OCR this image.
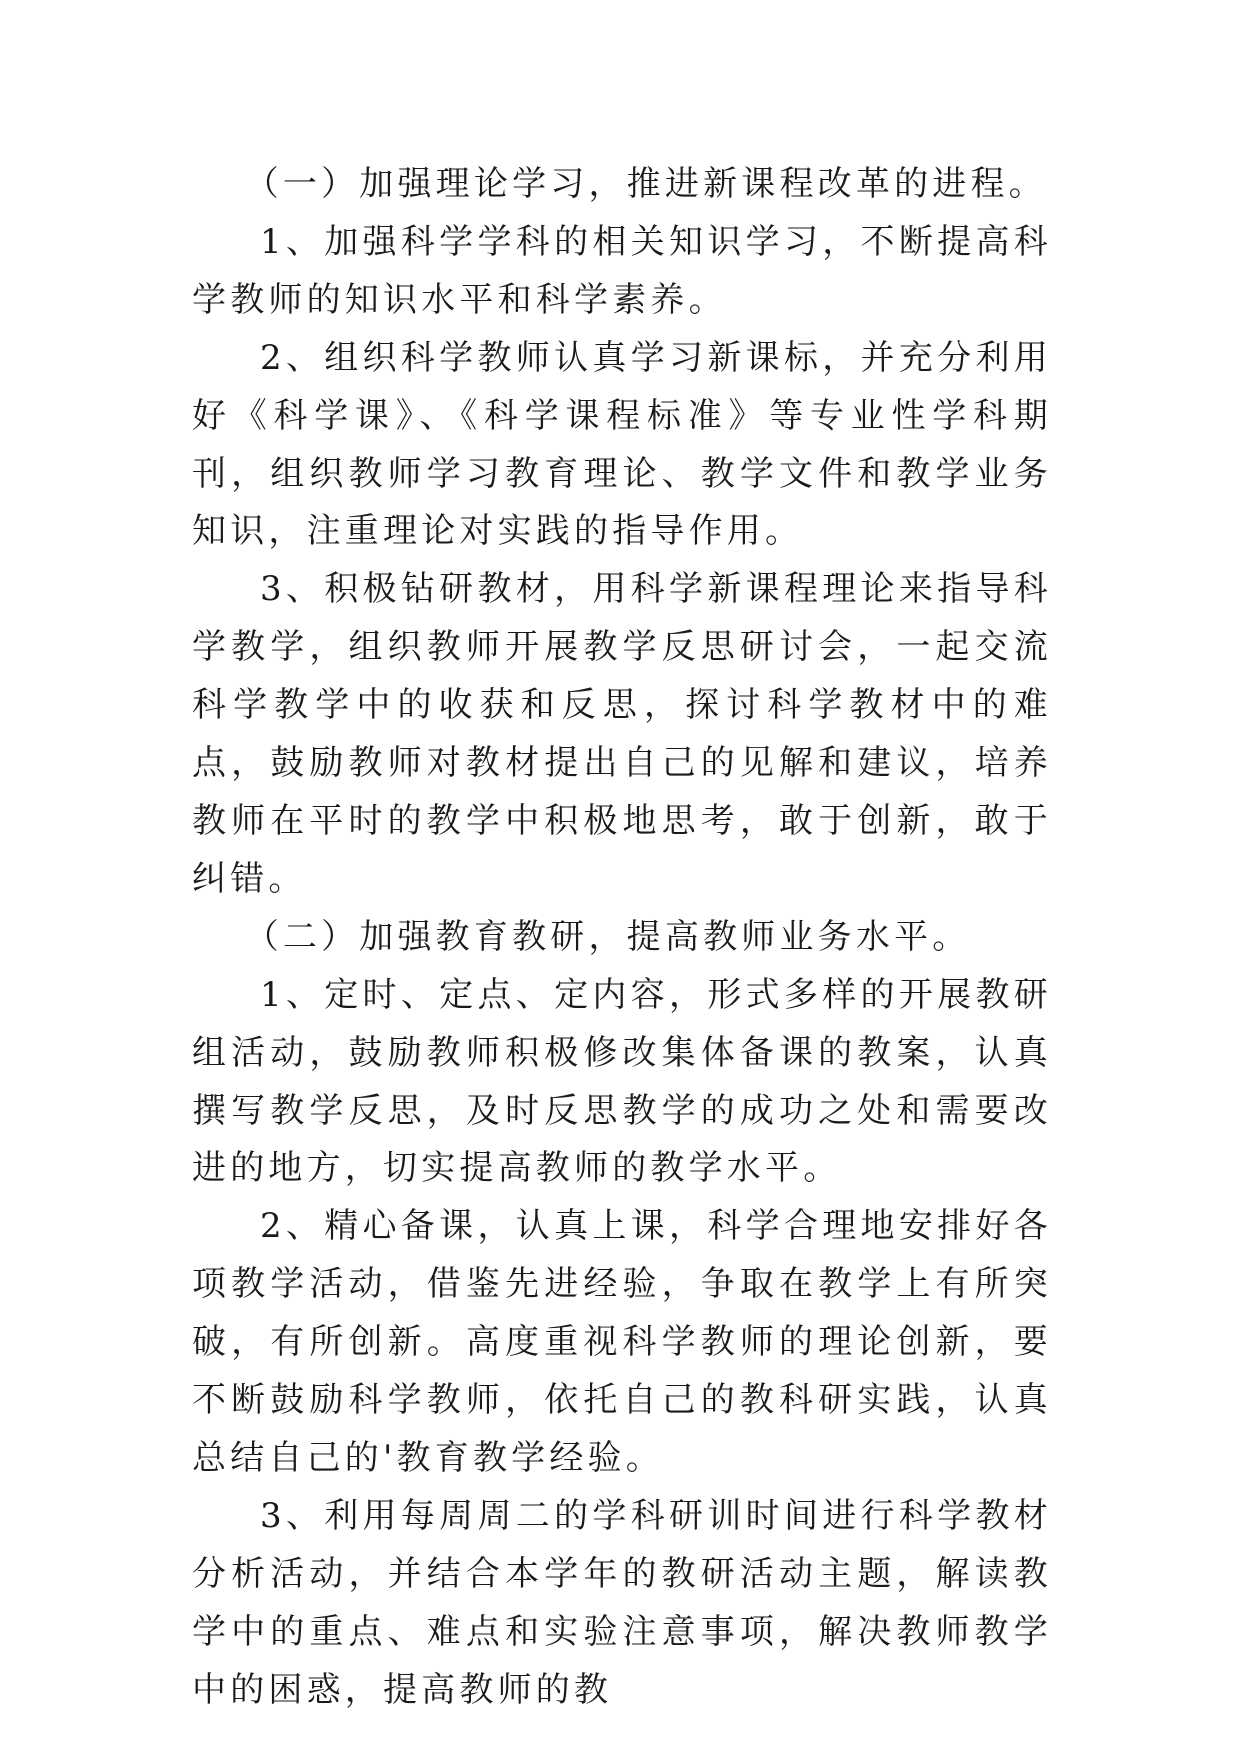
（一）加强理论学习，推进新课程改革的进程。

1、加强科学学科的相关知识学习，不断提高科学教师的知识水平和科学素养。

2、组织科学教师认真学习新课标，并充分利用好《科学课》、《科学课程标准》等专业性学科期刊，组织教师学习教育理论、教学文件和教学业务知识，注重理论对实践的指导作用。

3、积极钻研教材，用科学新课程理论来指导科学教学，组织教师开展教学反思研讨会，一起交流科学教学中的收获和反思，探讨科学教材中的难点，鼓励教师对教材提出自己的见解和建议，培养教师在平时的教学中积极地思考，敢于创新，敢于纠错。

（二）加强教育教研，提高教师业务水平。

1、定时、定点、定内容，形式多样的开展教研组活动，鼓励教师积极修改集体备课的教案，认真撰写教学反思，及时反思教学的成功之处和需要改进的地方，切实提高教师的教学水平。

2、精心备课，认真上课，科学合理地安排好各项教学活动，借鉴先进经验，争取在教学上有所突破，有所创新。高度重视科学教师的理论创新，要不断鼓励科学教师，依托自己的教科研实践，认真总结自己的'教育教学经验。

3、利用每周周二的学科研训时间进行科学教材分析活动，并结合本学年的教研活动主题，解读教学中的重点、难点和实验注意事项，解决教师教学中的困惑，提高教师的教
